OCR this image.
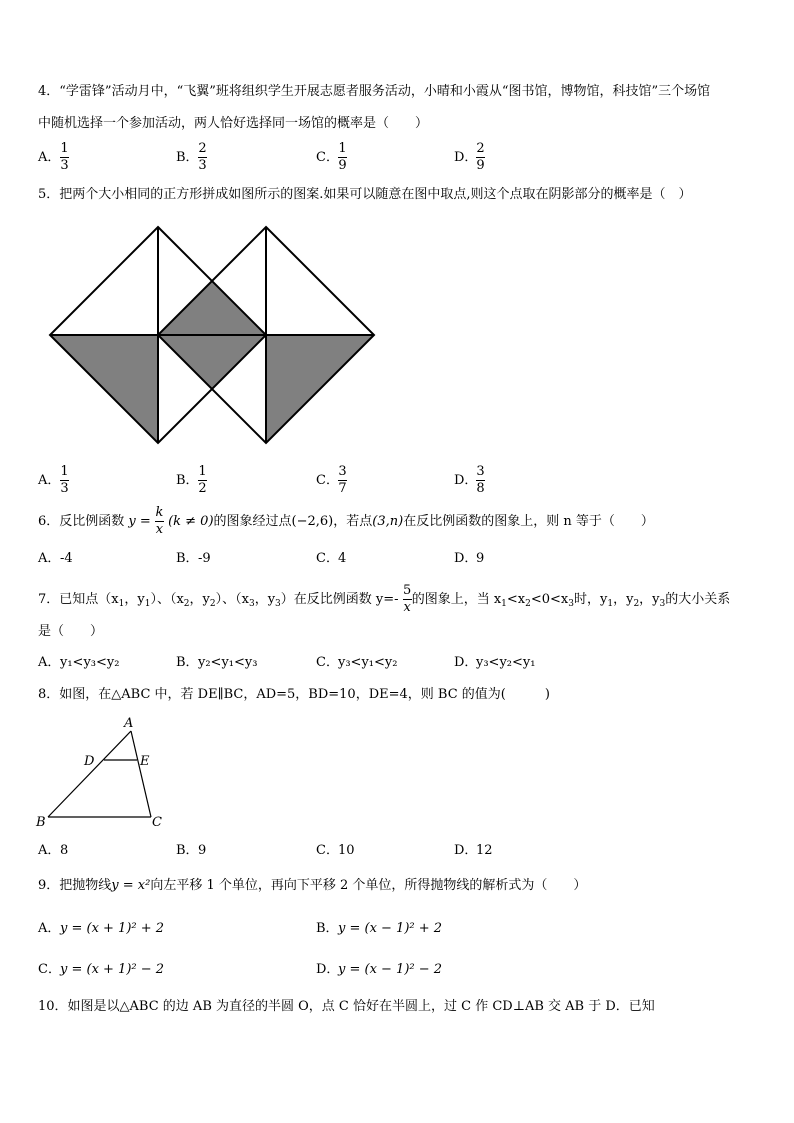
4．“学雷锋”活动月中，“飞翼”班将组织学生开展志愿者服务活动，小晴和小霞从“图书馆，博物馆，科技馆”三个场馆
中随机选择一个参加活动，两人恰好选择同一场馆的概率是（　　）
A． $\frac{1}{3}$	B． $\frac{2}{3}$	C． $\frac{1}{9}$	D．
$\frac{2}{9}$
5．把两个大小相同的正方形拼成如图所示的图案.如果可以随意在图中取点,则这个点取在阴影部分的概率是（　）
A． $\frac{1}{3}$	B． $\frac{1}{2}$	C． $\frac{3}{7}$	D．
$\frac{3}{8}$
6．反比例函数 $y = \frac{k}{x} (k \ne 0)$的图象经过点(−2,6)，若点(3,n)在反比例函数的图象上，则 n 等于（　　）
A．-4	B．-9	C．4	D．9
7．已知点（$x_1$，$y_1$）、（$x_2$，$y_2$）、（$x_3$，$y_3$）在反比例函数 $y=- \frac{5}{x}$ 的图象上，当 $x_1<x_2<0<x_3$时，$y_1$，$y_2$，$y_3$的大小关系
是（　　）
A．y₁<y₃<y₂	B．y₂<y₁<y₃	C．y₃<y₁<y₂	D．y₃<y₂<y₁
8．如图，在△ABC 中，若 DE∥BC，AD=5，BD=10，DE=4，则 BC 的值为(　　　)
A
D	E
B	C
A．8	B．9	C．10	D．12
9．把抛物线y = x²向左平移 1 个单位，再向下平移 2 个单位，所得抛物线的解析式为（　　）
A．y = (x + 1)² + 2	B．y = (x − 1)² + 2
C．y = (x + 1)² − 2	D．y = (x − 1)² − 2
10．如图是以△ABC 的边 AB 为直径的半圆 O，点 C 恰好在半圆上，过 C 作 CD⊥AB 交 AB 于 D．已知
